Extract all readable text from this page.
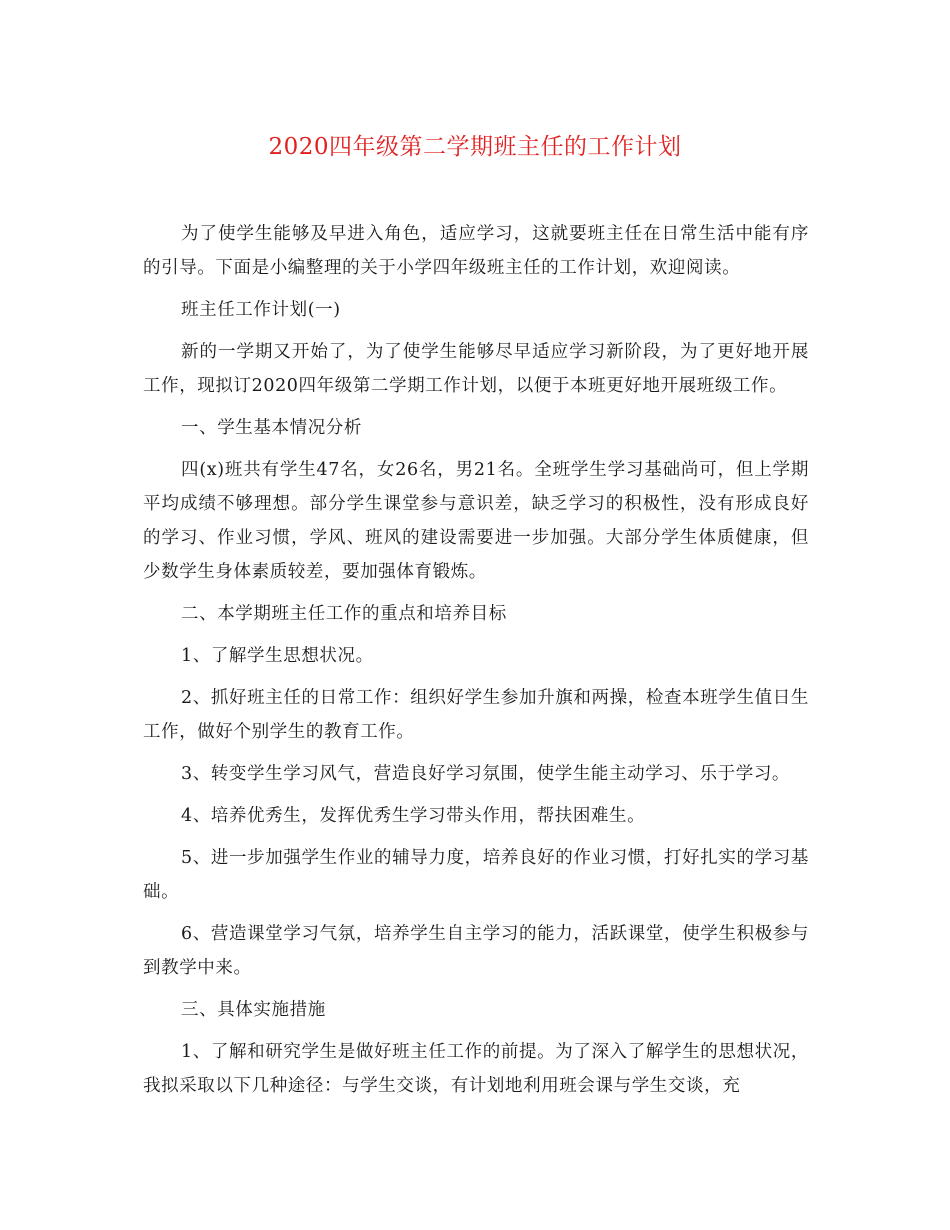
2020四年级第二学期班主任的工作计划

为了使学生能够及早进入角色，适应学习，这就要班主任在日常生活中能有序的引导。下面是小编整理的关于小学四年级班主任的工作计划，欢迎阅读。

班主任工作计划(一)

新的一学期又开始了，为了使学生能够尽早适应学习新阶段，为了更好地开展工作，现拟订2020四年级第二学期工作计划，以便于本班更好地开展班级工作。

一、学生基本情况分析

四(x)班共有学生47名，女26名，男21名。全班学生学习基础尚可，但上学期平均成绩不够理想。部分学生课堂参与意识差，缺乏学习的积极性，没有形成良好的学习、作业习惯，学风、班风的建设需要进一步加强。大部分学生体质健康，但少数学生身体素质较差，要加强体育锻炼。

二、本学期班主任工作的重点和培养目标

1、了解学生思想状况。

2、抓好班主任的日常工作：组织好学生参加升旗和两操，检查本班学生值日生工作，做好个别学生的教育工作。

3、转变学生学习风气，营造良好学习氛围，使学生能主动学习、乐于学习。

4、培养优秀生，发挥优秀生学习带头作用，帮扶困难生。

5、进一步加强学生作业的辅导力度，培养良好的作业习惯，打好扎实的学习基础。

6、营造课堂学习气氛，培养学生自主学习的能力，活跃课堂，使学生积极参与到教学中来。

三、具体实施措施

1、了解和研究学生是做好班主任工作的前提。为了深入了解学生的思想状况，我拟采取以下几种途径：与学生交谈，有计划地利用班会课与学生交谈，充
